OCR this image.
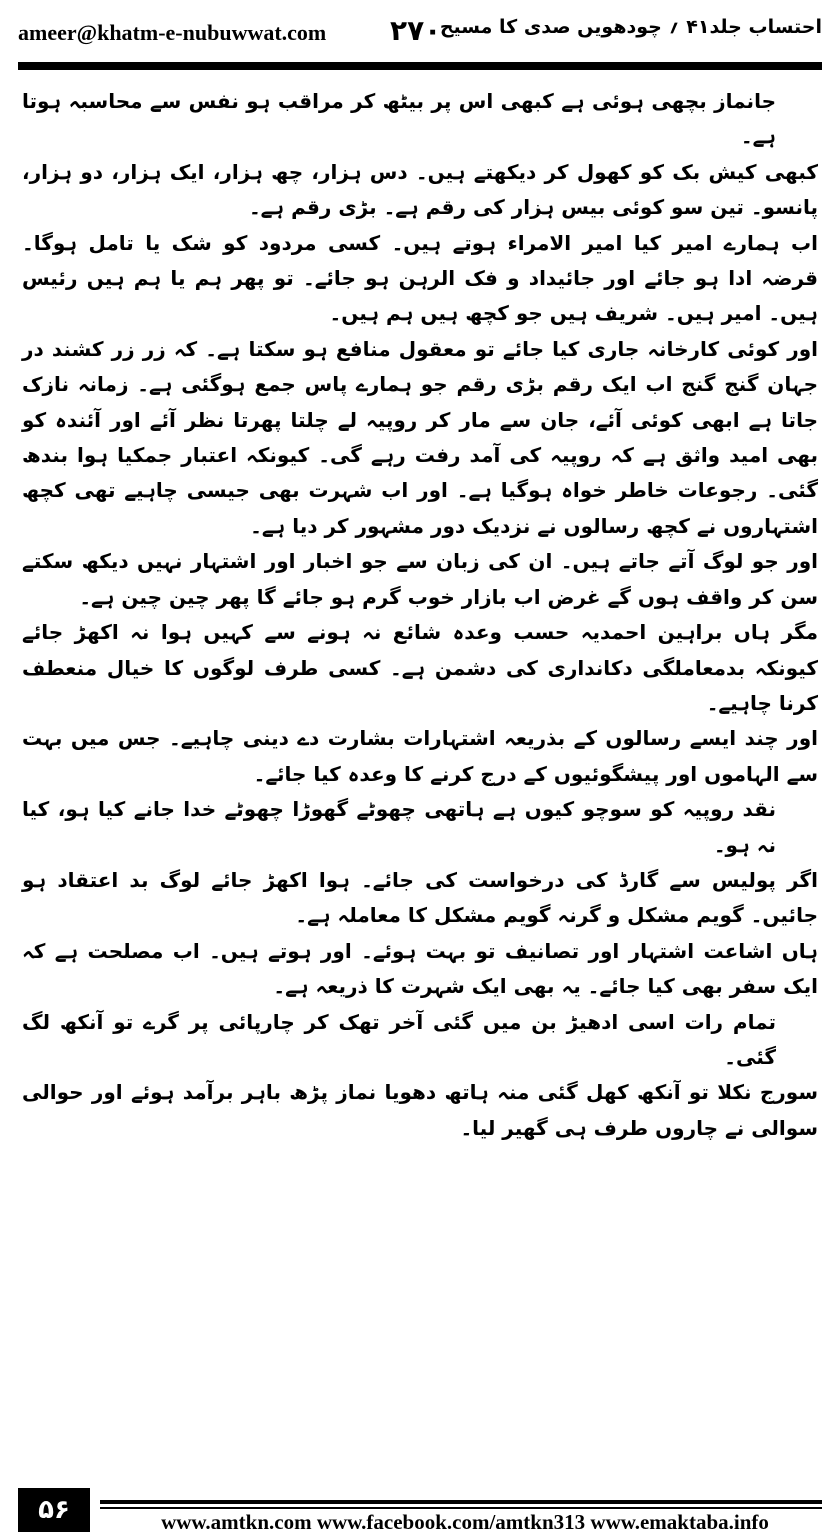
ameer@khatm-e-nubuwwat.com ۲۷۰
احتساب جلد۴۱ ؍ چودھویں صدی کا مسیح

جانماز بچھی ہوئی ہے کبھی اس پر بیٹھ کر مراقب ہو نفس سے محاسبہ ہوتا ہے۔

کبھی کیش بک کو کھول کر دیکھتے ہیں۔ دس ہزار، چھ ہزار، ایک ہزار، دو ہزار، پانسو۔ تین سو کوئی بیس ہزار کی رقم ہے۔ بڑی رقم ہے۔

اب ہمارے امیر کیا امیر الامراء ہوتے ہیں۔ کسی مردود کو شک یا تامل ہوگا۔ قرضہ ادا ہو جائے اور جائیداد و فک الرہن ہو جائے۔ تو پھر ہم یا ہم ہیں رئیس ہیں۔ امیر ہیں۔ شریف ہیں جو کچھ ہیں ہم ہیں۔

اور کوئی کارخانہ جاری کیا جائے تو معقول منافع ہو سکتا ہے۔ کہ زر زر کشند در جہان گنج گنج اب ایک رقم بڑی رقم جو ہمارے پاس جمع ہوگئی ہے۔ زمانہ نازک جاتا ہے ابھی کوئی آئے، جان سے مار کر روپیہ لے چلتا پھرتا نظر آئے اور آئندہ کو بھی امید واثق ہے کہ روپیہ کی آمد رفت رہے گی۔ کیونکہ اعتبار جمکیا ہوا بندھ گئی۔ رجوعات خاطر خواہ ہوگیا ہے۔ اور اب شہرت بھی جیسی چاہیے تھی کچھ اشتہاروں نے کچھ رسالوں نے نزدیک دور مشہور کر دیا ہے۔

اور جو لوگ آتے جاتے ہیں۔ ان کی زبان سے جو اخبار اور اشتہار نہیں دیکھ سکتے سن کر واقف ہوں گے غرض اب بازار خوب گرم ہو جائے گا پھر چین چین ہے۔

مگر ہاں براہین احمدیہ حسب وعدہ شائع نہ ہونے سے کہیں ہوا نہ اکھڑ جائے کیونکہ بدمعاملگی دکانداری کی دشمن ہے۔ کسی طرف لوگوں کا خیال منعطف کرنا چاہیے۔

اور چند ایسے رسالوں کے بذریعہ اشتہارات بشارت دے دینی چاہیے۔ جس میں بہت سے الہاموں اور پیشگوئیوں کے درج کرنے کا وعدہ کیا جائے۔

نقد روپیہ کو سوچو کیوں ہے ہاتھی چھوٹے گھوڑا چھوٹے خدا جانے کیا ہو، کیا نہ ہو۔

اگر پولیس سے گارڈ کی درخواست کی جائے۔ ہوا اکھڑ جائے لوگ بد اعتقاد ہو جائیں۔ گویم مشکل و گرنہ گویم مشکل کا معاملہ ہے۔

ہاں اشاعت اشتہار اور تصانیف تو بہت ہوئے۔ اور ہوتے ہیں۔ اب مصلحت ہے کہ ایک سفر بھی کیا جائے۔ یہ بھی ایک شہرت کا ذریعہ ہے۔

تمام رات اسی ادھیڑ بن میں گئی آخر تھک کر چارپائی پر گرے تو آنکھ لگ گئی۔

سورج نکلا تو آنکھ کھل گئی منہ ہاتھ دھویا نماز پڑھ باہر برآمد ہوئے اور حوالی سوالی نے چاروں طرف ہی گھیر لیا۔

۵۶	www.amtkn.com www.facebook.com/amtkn313 www.emaktaba.info
